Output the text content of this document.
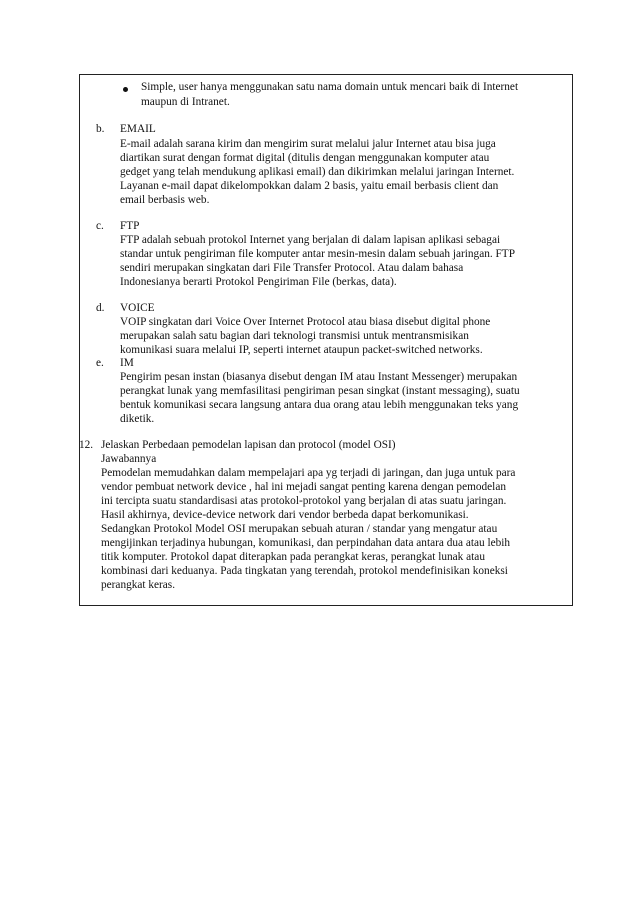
Simple, user hanya menggunakan satu nama domain untuk mencari baik di Internet
maupun di Intranet.
b. EMAIL
E-mail adalah sarana kirim dan mengirim surat melalui jalur Internet atau bisa juga
diartikan surat dengan format digital (ditulis dengan menggunakan komputer atau
gedget yang telah mendukung aplikasi email) dan dikirimkan melalui jaringan Internet.
Layanan e-mail dapat dikelompokkan dalam 2 basis, yaitu email berbasis client dan
email berbasis web.
c. FTP
FTP adalah sebuah protokol Internet yang berjalan di dalam lapisan aplikasi sebagai
standar untuk pengiriman file komputer antar mesin-mesin dalam sebuah jaringan. FTP
sendiri merupakan singkatan dari File Transfer Protocol. Atau dalam bahasa
Indonesianya berarti Protokol Pengiriman File (berkas, data).
d. VOICE
VOIP singkatan dari Voice Over Internet Protocol atau biasa disebut digital phone
merupakan salah satu bagian dari teknologi transmisi untuk mentransmisikan
komunikasi suara melalui IP, seperti internet ataupun packet-switched networks.
e. IM
Pengirim pesan instan (biasanya disebut dengan IM atau Instant Messenger) merupakan
perangkat lunak yang memfasilitasi pengiriman pesan singkat (instant messaging), suatu
bentuk komunikasi secara langsung antara dua orang atau lebih menggunakan teks yang
diketik.
12. Jelaskan Perbedaan pemodelan lapisan dan protocol (model OSI)
Jawabannya
Pemodelan memudahkan dalam mempelajari apa yg terjadi di jaringan, dan juga untuk para
vendor pembuat network device , hal ini mejadi sangat penting karena dengan pemodelan
ini tercipta suatu standardisasi atas protokol-protokol yang berjalan di atas suatu jaringan.
Hasil akhirnya, device-device network dari vendor berbeda dapat berkomunikasi.
Sedangkan Protokol Model OSI merupakan sebuah aturan / standar yang mengatur atau
mengijinkan terjadinya hubungan, komunikasi, dan perpindahan data antara dua atau lebih
titik komputer. Protokol dapat diterapkan pada perangkat keras, perangkat lunak atau
kombinasi dari keduanya. Pada tingkatan yang terendah, protokol mendefinisikan koneksi
perangkat keras.
